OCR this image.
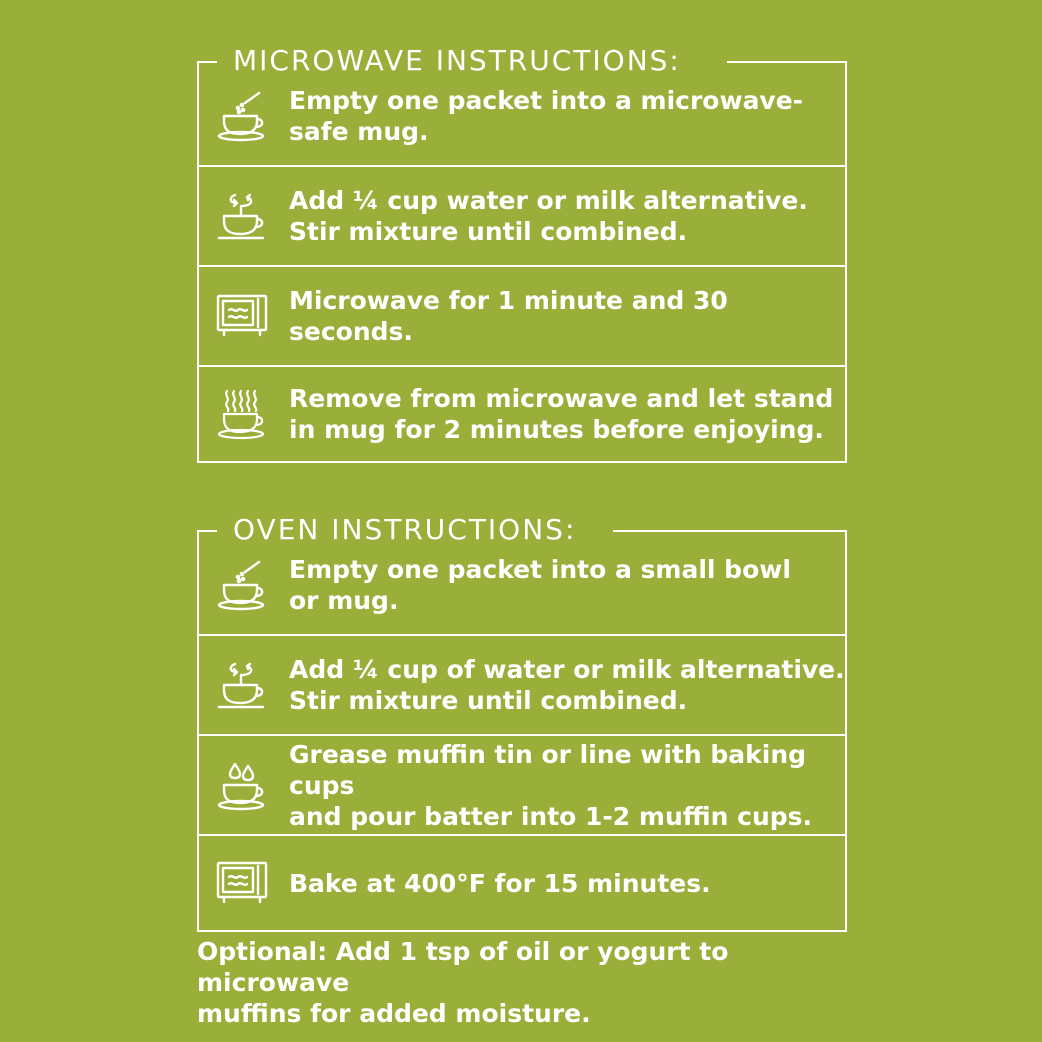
MICROWAVE INSTRUCTIONS:
Empty one packet into a microwave-
safe mug.
Add ¼ cup water or milk alternative.
Stir mixture until combined.
Microwave for 1 minute and 30 seconds.
Remove from microwave and let stand
in mug for 2 minutes before enjoying.
OVEN INSTRUCTIONS:
Empty one packet into a small bowl
or mug.
Add ¼ cup of water or milk alternative.
Stir mixture until combined.
Grease muffin tin or line with baking cups
and pour batter into 1-2 muffin cups.
Bake at 400°F for 15 minutes.
Optional: Add 1 tsp of oil or yogurt to microwave
muffins for added moisture.
